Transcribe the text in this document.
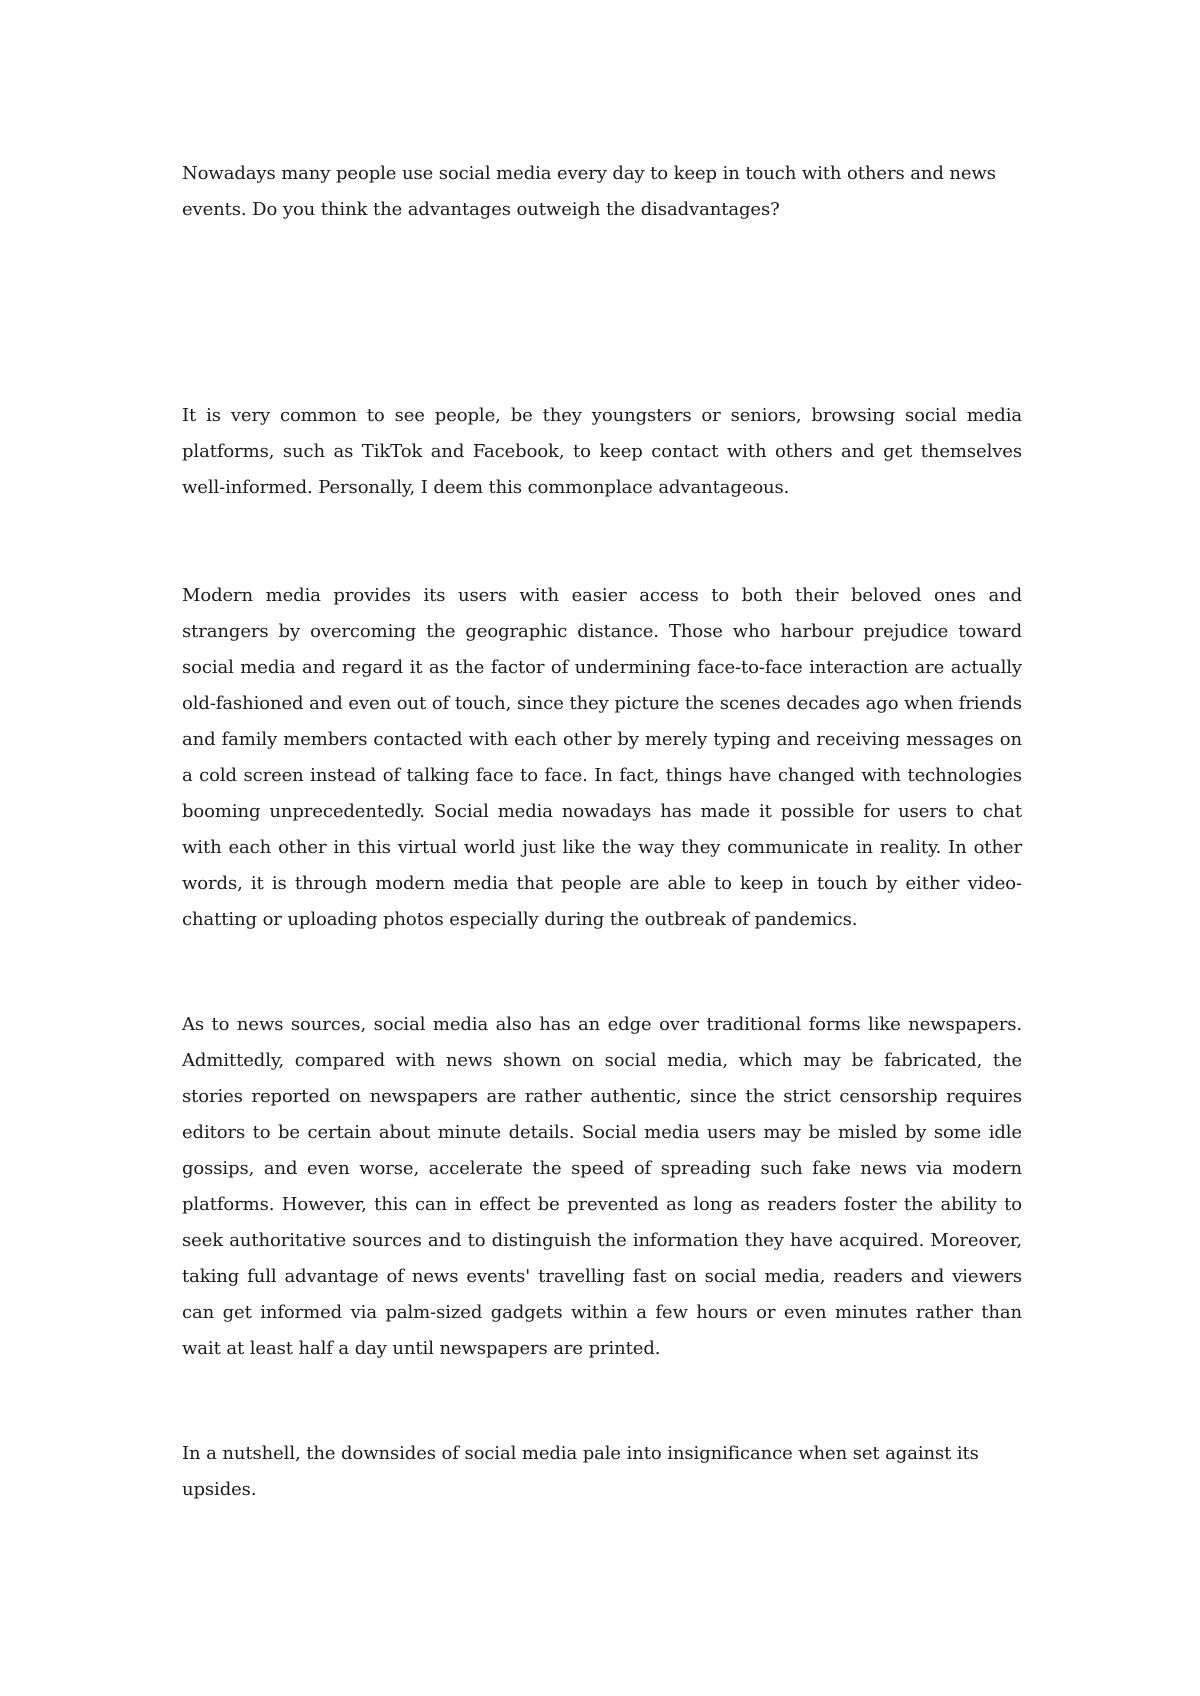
Nowadays many people use social media every day to keep in touch with others and news events. Do you think the advantages outweigh the disadvantages?

It is very common to see people, be they youngsters or seniors, browsing social media platforms, such as TikTok and Facebook, to keep contact with others and get themselves well-informed. Personally, I deem this commonplace advantageous.

Modern media provides its users with easier access to both their beloved ones and strangers by overcoming the geographic distance. Those who harbour prejudice toward social media and regard it as the factor of undermining face-to-face interaction are actually old-fashioned and even out of touch, since they picture the scenes decades ago when friends and family members contacted with each other by merely typing and receiving messages on a cold screen instead of talking face to face. In fact, things have changed with technologies booming unprecedentedly. Social media nowadays has made it possible for users to chat with each other in this virtual world just like the way they communicate in reality. In other words, it is through modern media that people are able to keep in touch by either video-chatting or uploading photos especially during the outbreak of pandemics.

As to news sources, social media also has an edge over traditional forms like newspapers. Admittedly, compared with news shown on social media, which may be fabricated, the stories reported on newspapers are rather authentic, since the strict censorship requires editors to be certain about minute details. Social media users may be misled by some idle gossips, and even worse, accelerate the speed of spreading such fake news via modern platforms. However, this can in effect be prevented as long as readers foster the ability to seek authoritative sources and to distinguish the information they have acquired. Moreover, taking full advantage of news events' travelling fast on social media, readers and viewers can get informed via palm-sized gadgets within a few hours or even minutes rather than wait at least half a day until newspapers are printed.

In a nutshell, the downsides of social media pale into insignificance when set against its upsides.
